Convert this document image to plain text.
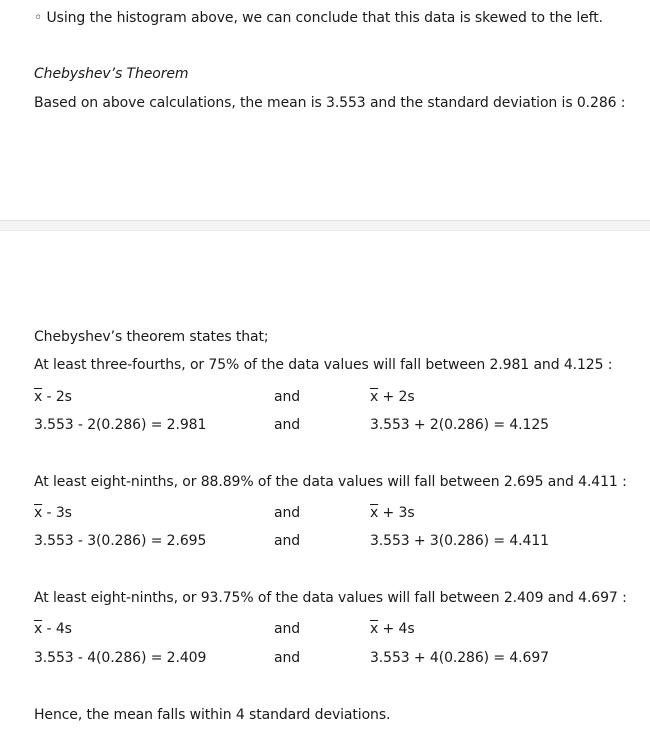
◦ Using the histogram above, we can conclude that this data is skewed to the left.
Chebyshev’s Theorem
Based on above calculations, the mean is 3.553 and the standard deviation is 0.286 :
Chebyshev’s theorem states that;
At least three-fourths, or 75% of the data values will fall between 2.981 and 4.125 :
$\overline{x} - 2s$	and	$\overline{x} + 2s$
3.553 - 2(0.286) = 2.981	and	3.553 + 2(0.286) = 4.125
At least eight-ninths, or 88.89% of the data values will fall between 2.695 and 4.411 :
$\overline{x} - 3s$	and	$\overline{x} + 3s$
3.553 - 3(0.286) = 2.695	and	3.553 + 3(0.286) = 4.411
At least eight-ninths, or 93.75% of the data values will fall between 2.409 and 4.697 :
$\overline{x} - 4s$	and	$\overline{x} + 4s$
3.553 - 4(0.286) = 2.409	and	3.553 + 4(0.286) = 4.697
Hence, the mean falls within 4 standard deviations.
